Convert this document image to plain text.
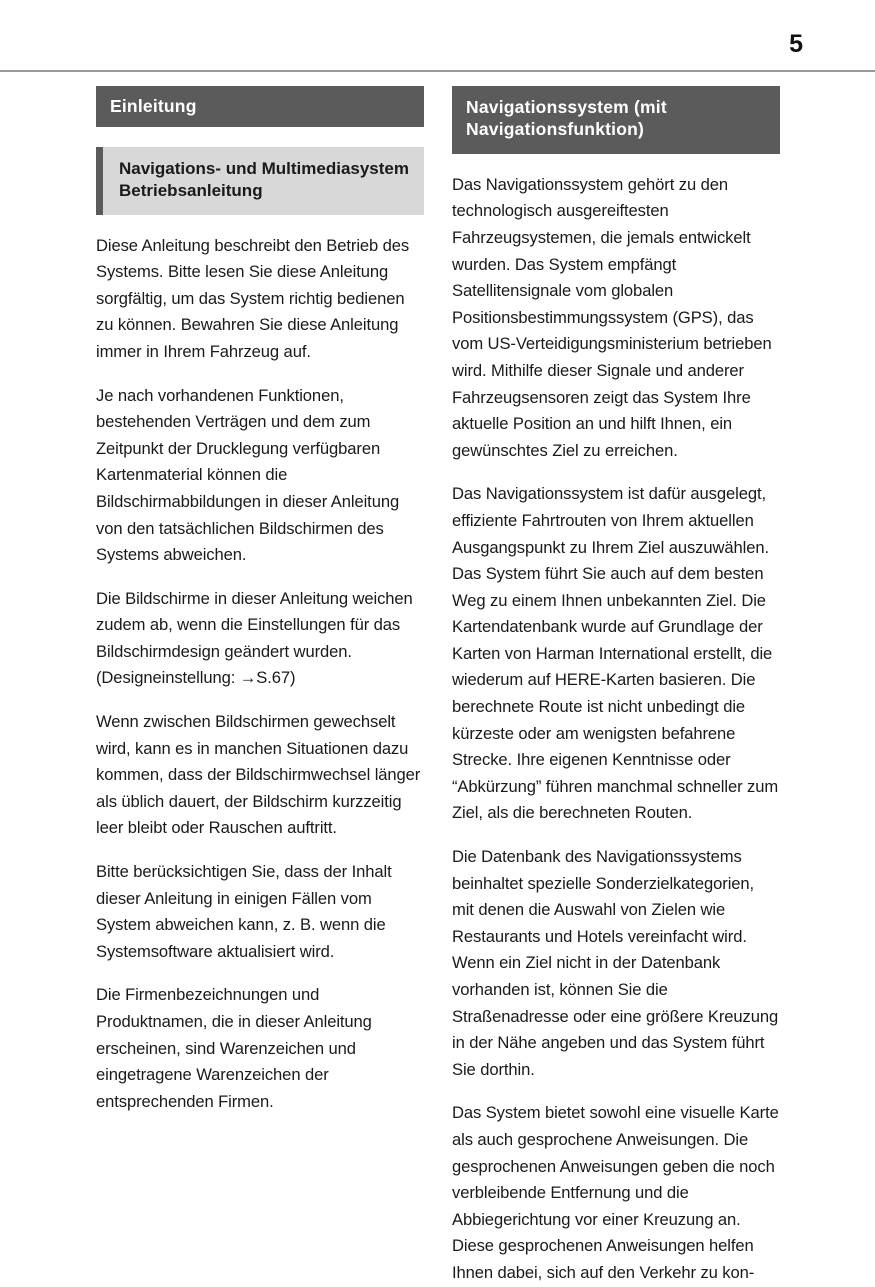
5
Einleitung
Navigations- und Multimediasystem Betriebsanleitung

Diese Anleitung beschreibt den Betrieb des Systems. Bitte lesen Sie diese Anleitung sorgfältig, um das System richtig bedienen zu können. Bewahren Sie diese Anleitung immer in Ihrem Fahrzeug auf.

Je nach vorhandenen Funktionen, bestehenden Verträgen und dem zum Zeitpunkt der Drucklegung verfügbaren Kartenmaterial können die Bildschirmabbildungen in dieser Anleitung von den tatsächlichen Bildschirmen des Systems abweichen.

Die Bildschirme in dieser Anleitung weichen zudem ab, wenn die Einstellungen für das Bildschirmdesign geändert wurden. (Designeinstellung: →S.67)

Wenn zwischen Bildschirmen gewechselt wird, kann es in manchen Situationen dazu kommen, dass der Bildschirmwechsel länger als üblich dauert, der Bildschirm kurzzeitig leer bleibt oder Rauschen auftritt.

Bitte berücksichtigen Sie, dass der Inhalt dieser Anleitung in einigen Fällen vom System abweichen kann, z. B. wenn die Systemsoftware aktualisiert wird.

Die Firmenbezeichnungen und Produktnamen, die in dieser Anleitung erscheinen, sind Warenzeichen und eingetragene Warenzeichen der entsprechenden Firmen.

Navigationssystem (mit Navigationsfunktion)

Das Navigationssystem gehört zu den technologisch ausgereiftesten Fahrzeugsystemen, die jemals entwickelt wurden. Das System empfängt Satellitensignale vom globalen Positionsbestimmungssystem (GPS), das vom US-Verteidigungsministerium betrieben wird. Mithilfe dieser Signale und anderer Fahrzeugsensoren zeigt das System Ihre aktuelle Position an und hilft Ihnen, ein gewünschtes Ziel zu erreichen.

Das Navigationssystem ist dafür ausgelegt, effiziente Fahrtrouten von Ihrem aktuellen Ausgangspunkt zu Ihrem Ziel auszuwählen. Das System führt Sie auch auf dem besten Weg zu einem Ihnen unbekannten Ziel. Die Kartendatenbank wurde auf Grundlage der Karten von Harman International erstellt, die wiederum auf HERE-Karten basieren. Die berechnete Route ist nicht unbedingt die kürzeste oder am wenigsten befahrene Strecke. Ihre eigenen Kenntnisse oder “Abkürzung” führen manchmal schneller zum Ziel, als die berechneten Routen.

Die Datenbank des Navigationssystems beinhaltet spezielle Sonderzielkategorien, mit denen die Auswahl von Zielen wie Restaurants und Hotels vereinfacht wird. Wenn ein Ziel nicht in der Datenbank vorhanden ist, können Sie die Straßenadresse oder eine größere Kreuzung in der Nähe angeben und das System führt Sie dorthin.

Das System bietet sowohl eine visuelle Karte als auch gesprochene Anweisungen. Die gesprochenen Anweisungen geben die noch verbleibende Entfernung und die Abbiegerichtung vor einer Kreuzung an. Diese gesprochenen Anweisungen helfen Ihnen dabei, sich auf den Verkehr zu kon-
